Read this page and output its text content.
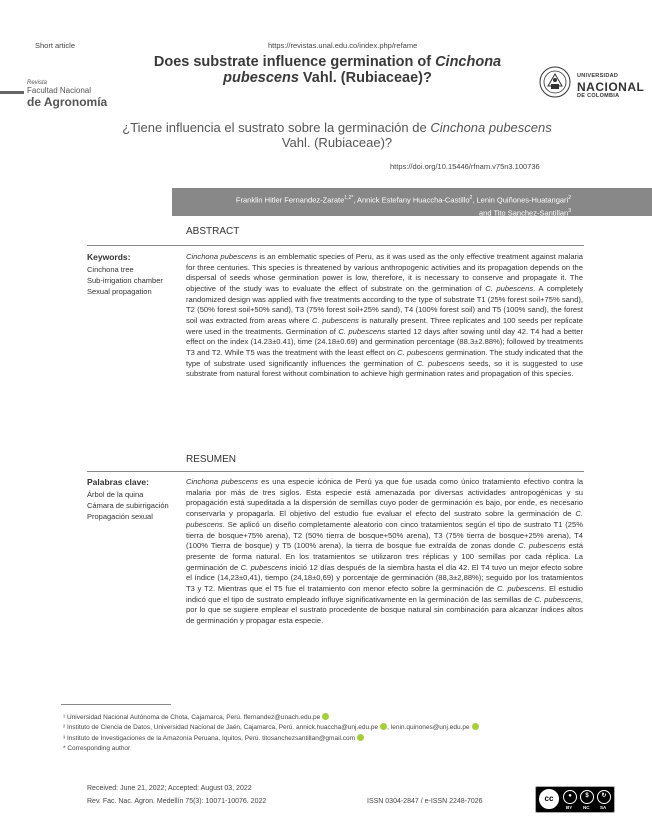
Short article	https://revistas.unal.edu.co/index.php/refame
Revista
Facultad Nacional
de Agronomía
Does substrate influence germination of Cinchona pubescens Vahl. (Rubiaceae)?	UNIVERSIDAD
NACIONAL
DE COLOMBIA
¿Tiene influencia el sustrato sobre la germinación de Cinchona pubescens Vahl. (Rubiaceae)?
https://doi.org/10.15446/rfnam.v75n3.100736
Franklin Hitler Fernandez-Zarate$^{1,2*}$, Annick Estefany Huaccha-Castillo$^2$, Lenin Quiñones-Huatangari$^2$
and Tito Sanchez-Santillan$^3$
ABSTRACT
Keywords:
Cinchona tree
Sub-irrigation chamber
Sexual propagation
Cinchona pubescens is an emblematic species of Peru, as it was used as the only effective treatment against malaria for three centuries. This species is threatened by various anthropogenic activities and its propagation depends on the dispersal of seeds whose germination power is low, therefore, it is necessary to conserve and propagate it. The objective of the study was to evaluate the effect of substrate on the germination of C. pubescens. A completely randomized design was applied with five treatments according to the type of substrate T1 (25% forest soil+75% sand), T2 (50% forest soil+50% sand), T3 (75% forest soil+25% sand), T4 (100% forest soil) and T5 (100% sand), the forest soil was extracted from areas where C. pubescens is naturally present. Three replicates and 100 seeds per replicate were used in the treatments. Germination of C. pubescens started 12 days after sowing until day 42. T4 had a better effect on the index (14.23±0.41), time (24.18±0.69) and germination percentage (88.3±2.88%); followed by treatments T3 and T2. While T5 was the treatment with the least effect on C. pubescens germination. The study indicated that the type of substrate used significantly influences the germination of C. pubescens seeds, so it is suggested to use substrate from natural forest without combination to achieve high germination rates and propagation of this species.
RESUMEN
Palabras clave:
Árbol de la quina
Cámara de subirrigación
Propagación sexual
Cinchona pubescens es una especie icónica de Perú ya que fue usada como único tratamiento efectivo contra la malaria por más de tres siglos. Esta especie está amenazada por diversas actividades antropogénicas y su propagación está supeditada a la dispersión de semillas cuyo poder de germinación es bajo, por ende, es necesario conservarla y propagarla. El objetivo del estudio fue evaluar el efecto del sustrato sobre la germinación de C. pubescens. Se aplicó un diseño completamente aleatorio con cinco tratamientos según el tipo de sustrato T1 (25% tierra de bosque+75% arena), T2 (50% tierra de bosque+50% arena), T3 (75% tierra de bosque+25% arena), T4 (100% Tierra de bosque) y T5 (100% arena), la tierra de bosque fue extraída de zonas donde C. pubescens está presente de forma natural. En los tratamientos se utilizaron tres réplicas y 100 semillas por cada réplica. La germinación de C. pubescens inició 12 días después de la siembra hasta el día 42. El T4 tuvo un mejor efecto sobre el índice (14,23±0,41), tiempo (24,18±0,69) y porcentaje de germinación (88,3±2,88%); seguido por los tratamientos T3 y T2. Mientras que el T5 fue el tratamiento con menor efecto sobre la germinación de C. pubescens. El estudio indicó que el tipo de sustrato empleado influye significativamente en la germinación de las semillas de C. pubescens, por lo que se sugiere emplear el sustrato procedente de bosque natural sin combinación para alcanzar índices altos de germinación y propagar esta especie.
¹ Universidad Nacional Autónoma de Chota, Cajamarca, Perú. ffernandez@unach.edu.pe
² Instituto de Ciencia de Datos, Universidad Nacional de Jaén, Cajamarca, Perú. annick.huaccha@unj.edu.pe , lenin.quinones@unj.edu.pe
³ Instituto de Investigaciones de la Amazonía Peruana, Iquitos, Perú. titosanchezsantillan@gmail.com
* Corresponding author
Received: June 21, 2022; Accepted: August 03, 2022
Rev. Fac. Nac. Agron. Medellín 75(3): 10071-10076. 2022	ISSN 0304-2847 / e-ISSN 2248-7026	cc	●	$	↻
BY NC SA
